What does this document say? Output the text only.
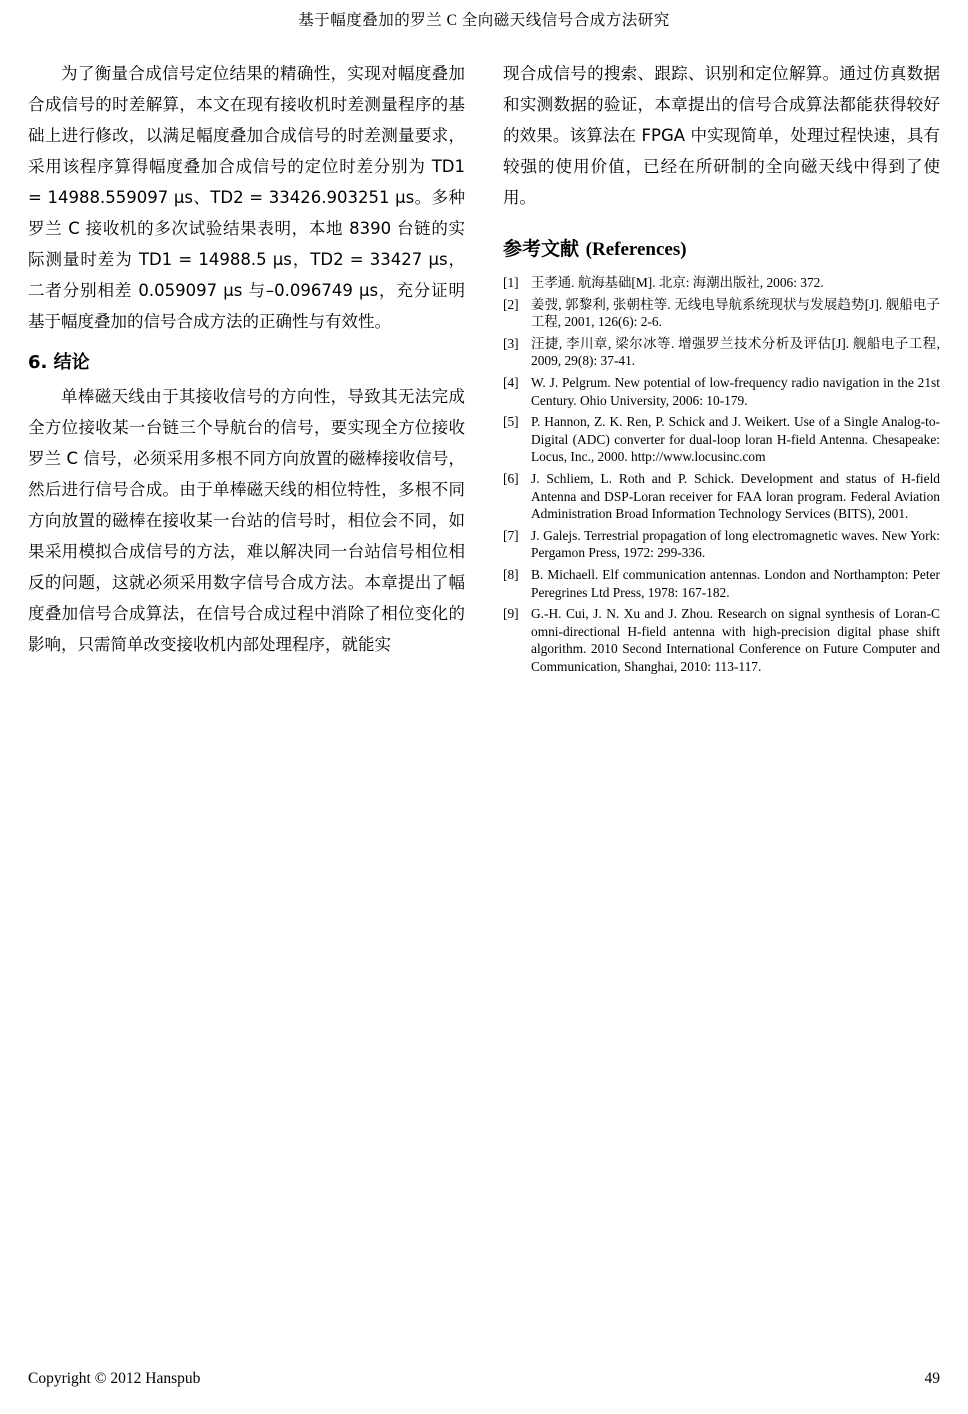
基于幅度叠加的罗兰 C 全向磁天线信号合成方法研究

为了衡量合成信号定位结果的精确性，实现对幅度叠加合成信号的时差解算，本文在现有接收机时差测量程序的基础上进行修改，以满足幅度叠加合成信号的时差测量要求，采用该程序算得幅度叠加合成信号的定位时差分别为 TD1 = 14988.559097 µs、TD2 = 33426.903251 µs。多种罗兰 C 接收机的多次试验结果表明，本地 8390 台链的实际测量时差为 TD1 = 14988.5 µs，TD2 = 33427 µs，二者分别相差 0.059097 µs 与–0.096749 µs，充分证明基于幅度叠加的信号合成方法的正确性与有效性。

6. 结论

单棒磁天线由于其接收信号的方向性，导致其无法完成全方位接收某一台链三个导航台的信号，要实现全方位接收罗兰 C 信号，必须采用多根不同方向放置的磁棒接收信号，然后进行信号合成。由于单棒磁天线的相位特性，多根不同方向放置的磁棒在接收某一台站的信号时，相位会不同，如果采用模拟合成信号的方法，难以解决同一台站信号相位相反的问题，这就必须采用数字信号合成方法。本章提出了幅度叠加信号合成算法，在信号合成过程中消除了相位变化的影响，只需简单改变接收机内部处理程序，就能实

现合成信号的搜索、跟踪、识别和定位解算。通过仿真数据和实测数据的验证，本章提出的信号合成算法都能获得较好的效果。该算法在 FPGA 中实现简单，处理过程快速，具有较强的使用价值，已经在所研制的全向磁天线中得到了使用。

参考文献 (References)
[1] 王孝通. 航海基础[M]. 北京: 海潮出版社, 2006: 372.
[2] 姜弢, 郭黎利, 张朝柱等. 无线电导航系统现状与发展趋势[J]. 舰船电子工程, 2001, 126(6): 2-6.
[3] 汪捷, 李川章, 梁尔冰等. 增强罗兰技术分析及评估[J]. 舰船电子工程, 2009, 29(8): 37-41.
[4] W. J. Pelgrum. New potential of low-frequency radio navigation in the 21st Century. Ohio University, 2006: 10-179.
[5] P. Hannon, Z. K. Ren, P. Schick and J. Weikert. Use of a Single Analog-to-Digital (ADC) converter for dual-loop loran H-field Antenna. Chesapeake: Locus, Inc., 2000. http://www.locusinc.com
[6] J. Schliem, L. Roth and P. Schick. Development and status of H-field Antenna and DSP-Loran receiver for FAA loran program. Federal Aviation Administration Broad Information Technology Services (BITS), 2001.
[7] J. Galejs. Terrestrial propagation of long electromagnetic waves. New York: Pergamon Press, 1972: 299-336.
[8] B. Michaell. Elf communication antennas. London and Northampton: Peter Peregrines Ltd Press, 1978: 167-182.
[9] G.-H. Cui, J. N. Xu and J. Zhou. Research on signal synthesis of Loran-C omni-directional H-field antenna with high-precision digital phase shift algorithm. 2010 Second International Conference on Future Computer and Communication, Shanghai, 2010: 113-117.
Copyright © 2012 Hanspub	49
